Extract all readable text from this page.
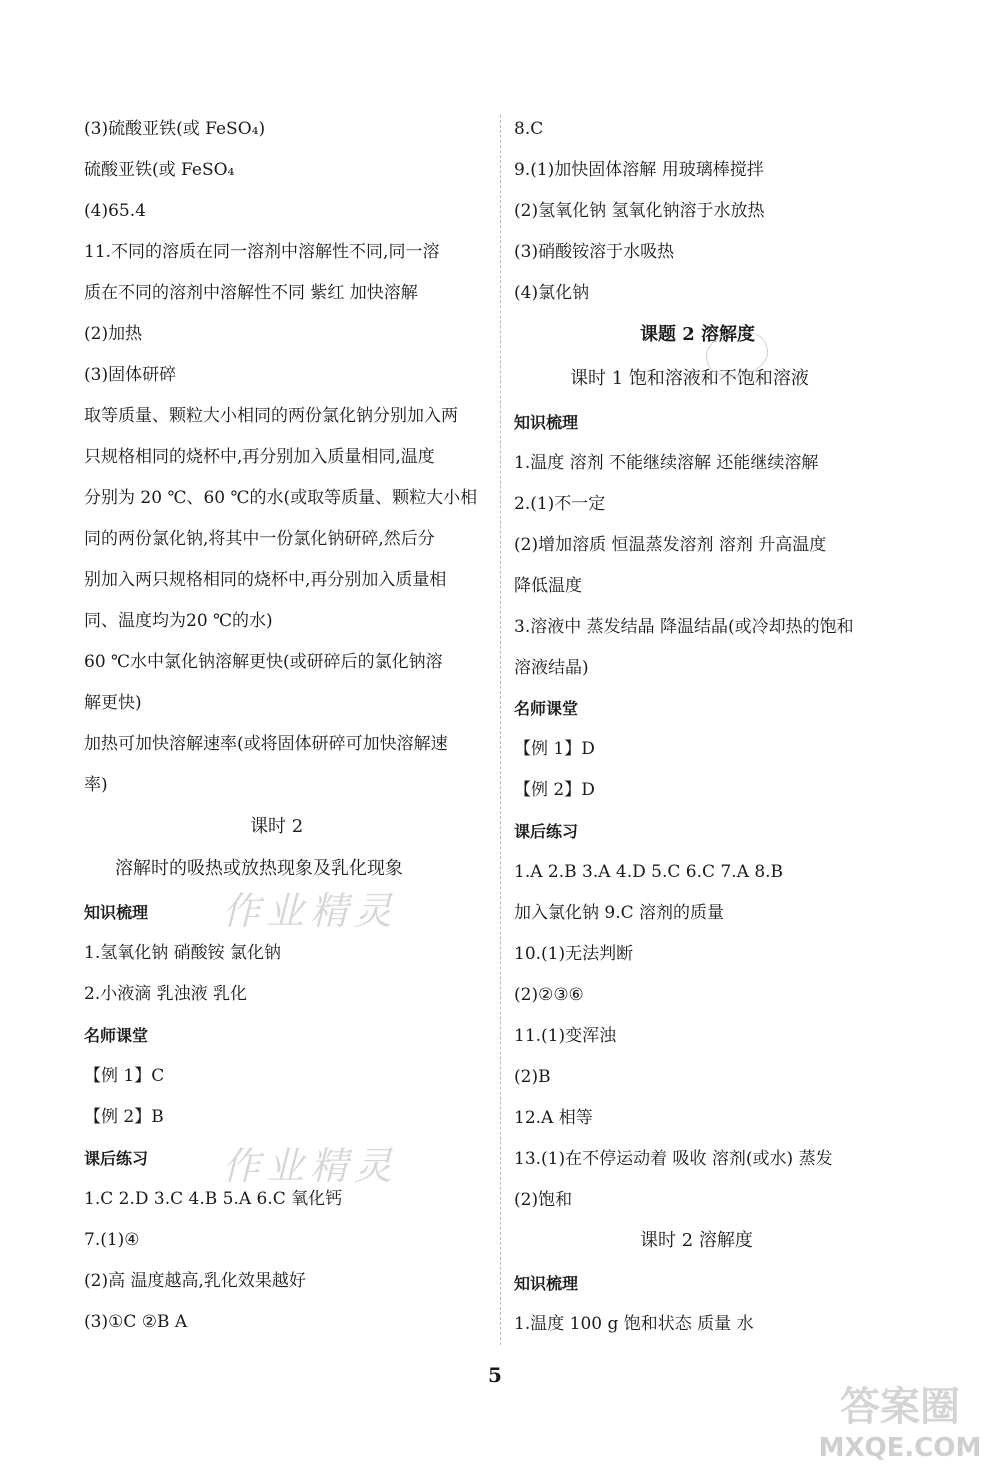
(3)硫酸亚铁(或 FeSO₄)
硫酸亚铁(或 FeSO₄
(4)65.4
11.不同的溶质在同一溶剂中溶解性不同,同一溶
质在不同的溶剂中溶解性不同 紫红 加快溶解
(2)加热
(3)固体研碎
取等质量、颗粒大小相同的两份氯化钠分别加入两
只规格相同的烧杯中,再分别加入质量相同,温度
分别为 20 ℃、60 ℃的水(或取等质量、颗粒大小相
同的两份氯化钠,将其中一份氯化钠研碎,然后分
别加入两只规格相同的烧杯中,再分别加入质量相
同、温度均为20 ℃的水)
60 ℃水中氯化钠溶解更快(或研碎后的氯化钠溶
解更快)
加热可加快溶解速率(或将固体研碎可加快溶解速
率)
课时 2
溶解时的吸热或放热现象及乳化现象
知识梳理
1.氢氧化钠 硝酸铵 氯化钠
2.小液滴 乳浊液 乳化
名师课堂
【例 1】C
【例 2】B
课后练习
1.C 2.D 3.C 4.B 5.A 6.C 氧化钙
7.(1)④
(2)高 温度越高,乳化效果越好
(3)①C ②B A
8.C
9.(1)加快固体溶解 用玻璃棒搅拌
(2)氢氧化钠 氢氧化钠溶于水放热
(3)硝酸铵溶于水吸热
(4)氯化钠
课题 2 溶解度
课时 1 饱和溶液和不饱和溶液
知识梳理
1.温度 溶剂 不能继续溶解 还能继续溶解
2.(1)不一定
(2)增加溶质 恒温蒸发溶剂 溶剂 升高温度
降低温度
3.溶液中 蒸发结晶 降温结晶(或冷却热的饱和
溶液结晶)
名师课堂
【例 1】D
【例 2】D
课后练习
1.A 2.B 3.A 4.D 5.C 6.C 7.A 8.B
加入氯化钠 9.C 溶剂的质量
10.(1)无法判断
(2)②③⑥
11.(1)变浑浊
(2)B
12.A 相等
13.(1)在不停运动着 吸收 溶剂(或水) 蒸发
(2)饱和
课时 2 溶解度
知识梳理
1.温度 100 g 饱和状态 质量 水
作业精灵
作业精灵
5
答案圈
MXQE.COM
